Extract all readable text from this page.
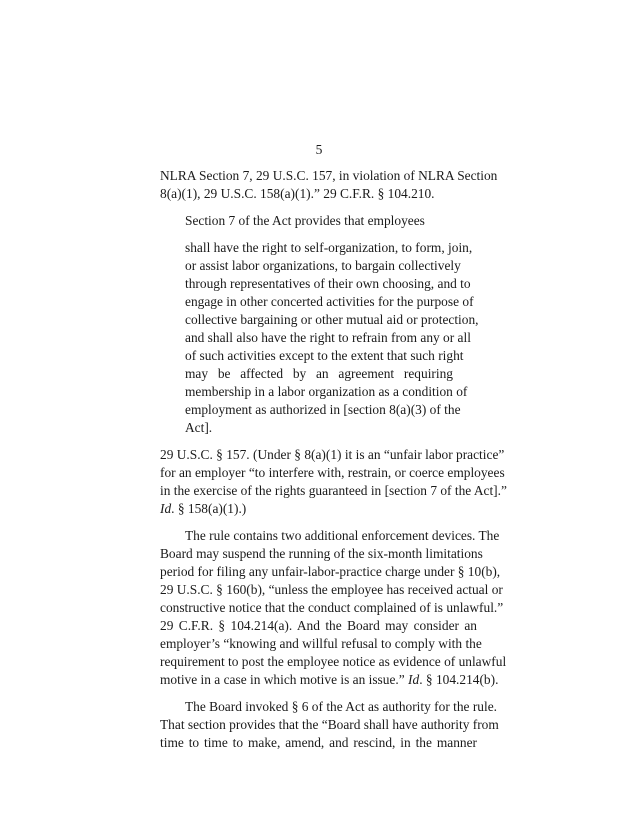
5
NLRA Section 7, 29 U.S.C. 157, in violation of NLRA Section
8(a)(1), 29 U.S.C. 158(a)(1).” 29 C.F.R. § 104.210.
Section 7 of the Act provides that employees
shall have the right to self-organization, to form, join,
or assist labor organizations, to bargain collectively
through representatives of their own choosing, and to
engage in other concerted activities for the purpose of
collective bargaining or other mutual aid or protection,
and shall also have the right to refrain from any or all
of such activities except to the extent that such right
may be affected by an agreement requiring
membership in a labor organization as a condition of
employment as authorized in [section 8(a)(3) of the
Act].
29 U.S.C. § 157. (Under § 8(a)(1) it is an “unfair labor practice”
for an employer “to interfere with, restrain, or coerce employees
in the exercise of the rights guaranteed in [section 7 of the Act].”
Id. § 158(a)(1).)
The rule contains two additional enforcement devices. The
Board may suspend the running of the six-month limitations
period for filing any unfair-labor-practice charge under § 10(b),
29 U.S.C. § 160(b), “unless the employee has received actual or
constructive notice that the conduct complained of is unlawful.”
29 C.F.R. § 104.214(a). And the Board may consider an
employer’s “knowing and willful refusal to comply with the
requirement to post the employee notice as evidence of unlawful
motive in a case in which motive is an issue.” Id. § 104.214(b).
The Board invoked § 6 of the Act as authority for the rule.
That section provides that the “Board shall have authority from
time to time to make, amend, and rescind, in the manner
